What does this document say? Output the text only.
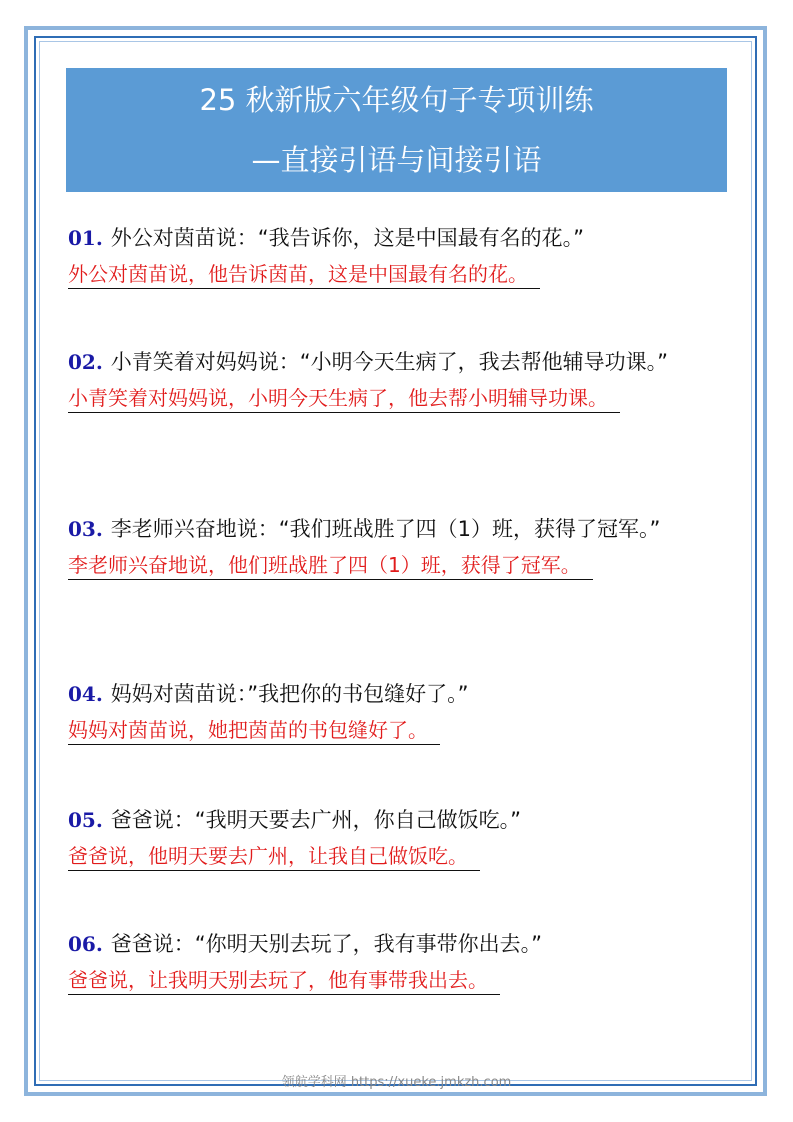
25 秋新版六年级句子专项训练
—直接引语与间接引语
01. 外公对茵苗说：“我告诉你，这是中国最有名的花。”
外公对茵苗说，他告诉茵苗，这是中国最有名的花。
02. 小青笑着对妈妈说：“小明今天生病了，我去帮他辅导功课。”
小青笑着对妈妈说，小明今天生病了，他去帮小明辅导功课。
03. 李老师兴奋地说：“我们班战胜了四（1）班，获得了冠军。”
李老师兴奋地说，他们班战胜了四（1）班，获得了冠军。
04. 妈妈对茵苗说：”我把你的书包缝好了。”
妈妈对茵苗说，她把茵苗的书包缝好了。
05. 爸爸说：“我明天要去广州，你自己做饭吃。”
爸爸说，他明天要去广州，让我自己做饭吃。
06. 爸爸说：“你明天别去玩了，我有事带你出去。”
爸爸说，让我明天别去玩了，他有事带我出去。
领航学科网 https://xueke.jmkzh.com
